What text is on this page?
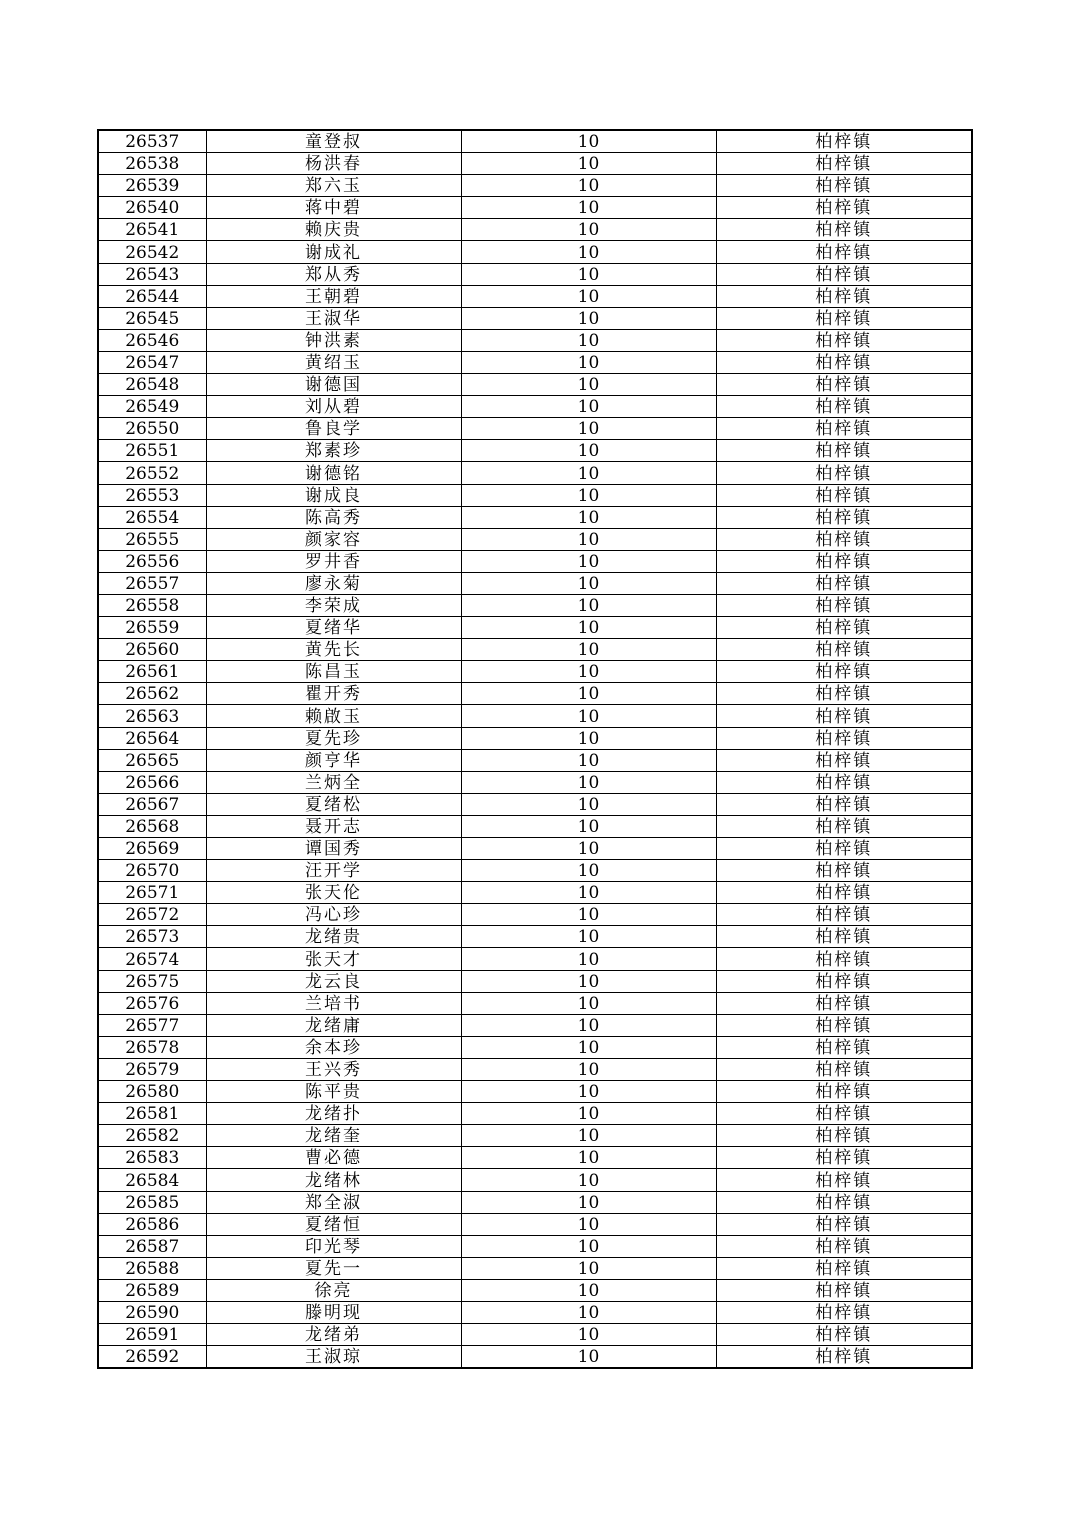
26537	童登叔	10	柏梓镇
26538	杨洪春	10	柏梓镇
26539	郑六玉	10	柏梓镇
26540	蒋中碧	10	柏梓镇
26541	赖庆贵	10	柏梓镇
26542	谢成礼	10	柏梓镇
26543	郑从秀	10	柏梓镇
26544	王朝碧	10	柏梓镇
26545	王淑华	10	柏梓镇
26546	钟洪素	10	柏梓镇
26547	黄绍玉	10	柏梓镇
26548	谢德国	10	柏梓镇
26549	刘从碧	10	柏梓镇
26550	鲁良学	10	柏梓镇
26551	郑素珍	10	柏梓镇
26552	谢德铭	10	柏梓镇
26553	谢成良	10	柏梓镇
26554	陈高秀	10	柏梓镇
26555	颜家容	10	柏梓镇
26556	罗井香	10	柏梓镇
26557	廖永菊	10	柏梓镇
26558	李荣成	10	柏梓镇
26559	夏绪华	10	柏梓镇
26560	黄先长	10	柏梓镇
26561	陈昌玉	10	柏梓镇
26562	瞿开秀	10	柏梓镇
26563	赖啟玉	10	柏梓镇
26564	夏先珍	10	柏梓镇
26565	颜亨华	10	柏梓镇
26566	兰炳全	10	柏梓镇
26567	夏绪松	10	柏梓镇
26568	聂开志	10	柏梓镇
26569	谭国秀	10	柏梓镇
26570	汪开学	10	柏梓镇
26571	张天伦	10	柏梓镇
26572	冯心珍	10	柏梓镇
26573	龙绪贵	10	柏梓镇
26574	张天才	10	柏梓镇
26575	龙云良	10	柏梓镇
26576	兰培书	10	柏梓镇
26577	龙绪庸	10	柏梓镇
26578	余本珍	10	柏梓镇
26579	王兴秀	10	柏梓镇
26580	陈平贵	10	柏梓镇
26581	龙绪扑	10	柏梓镇
26582	龙绪奎	10	柏梓镇
26583	曹必德	10	柏梓镇
26584	龙绪林	10	柏梓镇
26585	郑全淑	10	柏梓镇
26586	夏绪恒	10	柏梓镇
26587	印光琴	10	柏梓镇
26588	夏先一	10	柏梓镇
26589	徐亮	10	柏梓镇
26590	滕明现	10	柏梓镇
26591	龙绪弟	10	柏梓镇
26592	王淑琼	10	柏梓镇
